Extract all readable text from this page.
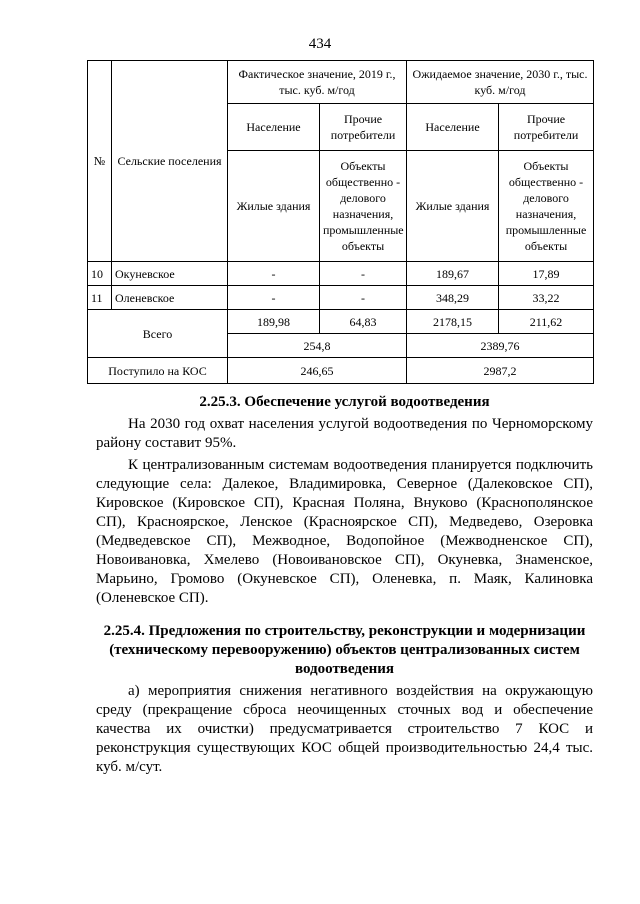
434
№	Сельские поселения	Фактическое значение, 2019 г., тыс. куб. м/год		Ожидаемое значение, 2030 г., тыс. куб. м/год	
		Население	Прочие потребители	Население	Прочие потребители
		Жилые здания	Объекты общественно - делового назначения, промышленные объекты	Жилые здания	Объекты общественно - делового назначения, промышленные объекты
10	Окуневское	-	-	189,67	17,89
11	Оленевское	-	-	348,29	33,22
Всего		189,98	64,83	2178,15	211,62
		254,8		2389,76	
Поступило на КОС		246,65		2987,2	
2.25.3. Обеспечение услугой водоотведения
На 2030 год охват населения услугой водоотведения по Черноморскому району составит 95%.
К централизованным системам водоотведения планируется подключить следующие села: Далекое, Владимировка, Северное (Далековское СП), Кировское (Кировское СП), Красная Поляна, Внуково (Краснополянское СП), Красноярское, Ленское (Красноярское СП), Медведево, Озеровка (Медведевское СП), Межводное, Водопойное (Межводненское СП), Новоивановка, Хмелево (Новоивановское СП), Окуневка, Знаменское, Марьино, Громово (Окуневское СП), Оленевка, п. Маяк, Калиновка (Оленевское СП).
2.25.4. Предложения по строительству, реконструкции и модернизации (техническому перевооружению) объектов централизованных систем водоотведения
а) мероприятия снижения негативного воздействия на окружающую среду (прекращение сброса неочищенных сточных вод и обеспечение качества их очистки) предусматривается строительство 7 КОС и реконструкция существующих КОС общей производительностью 24,4 тыс. куб. м/сут.
